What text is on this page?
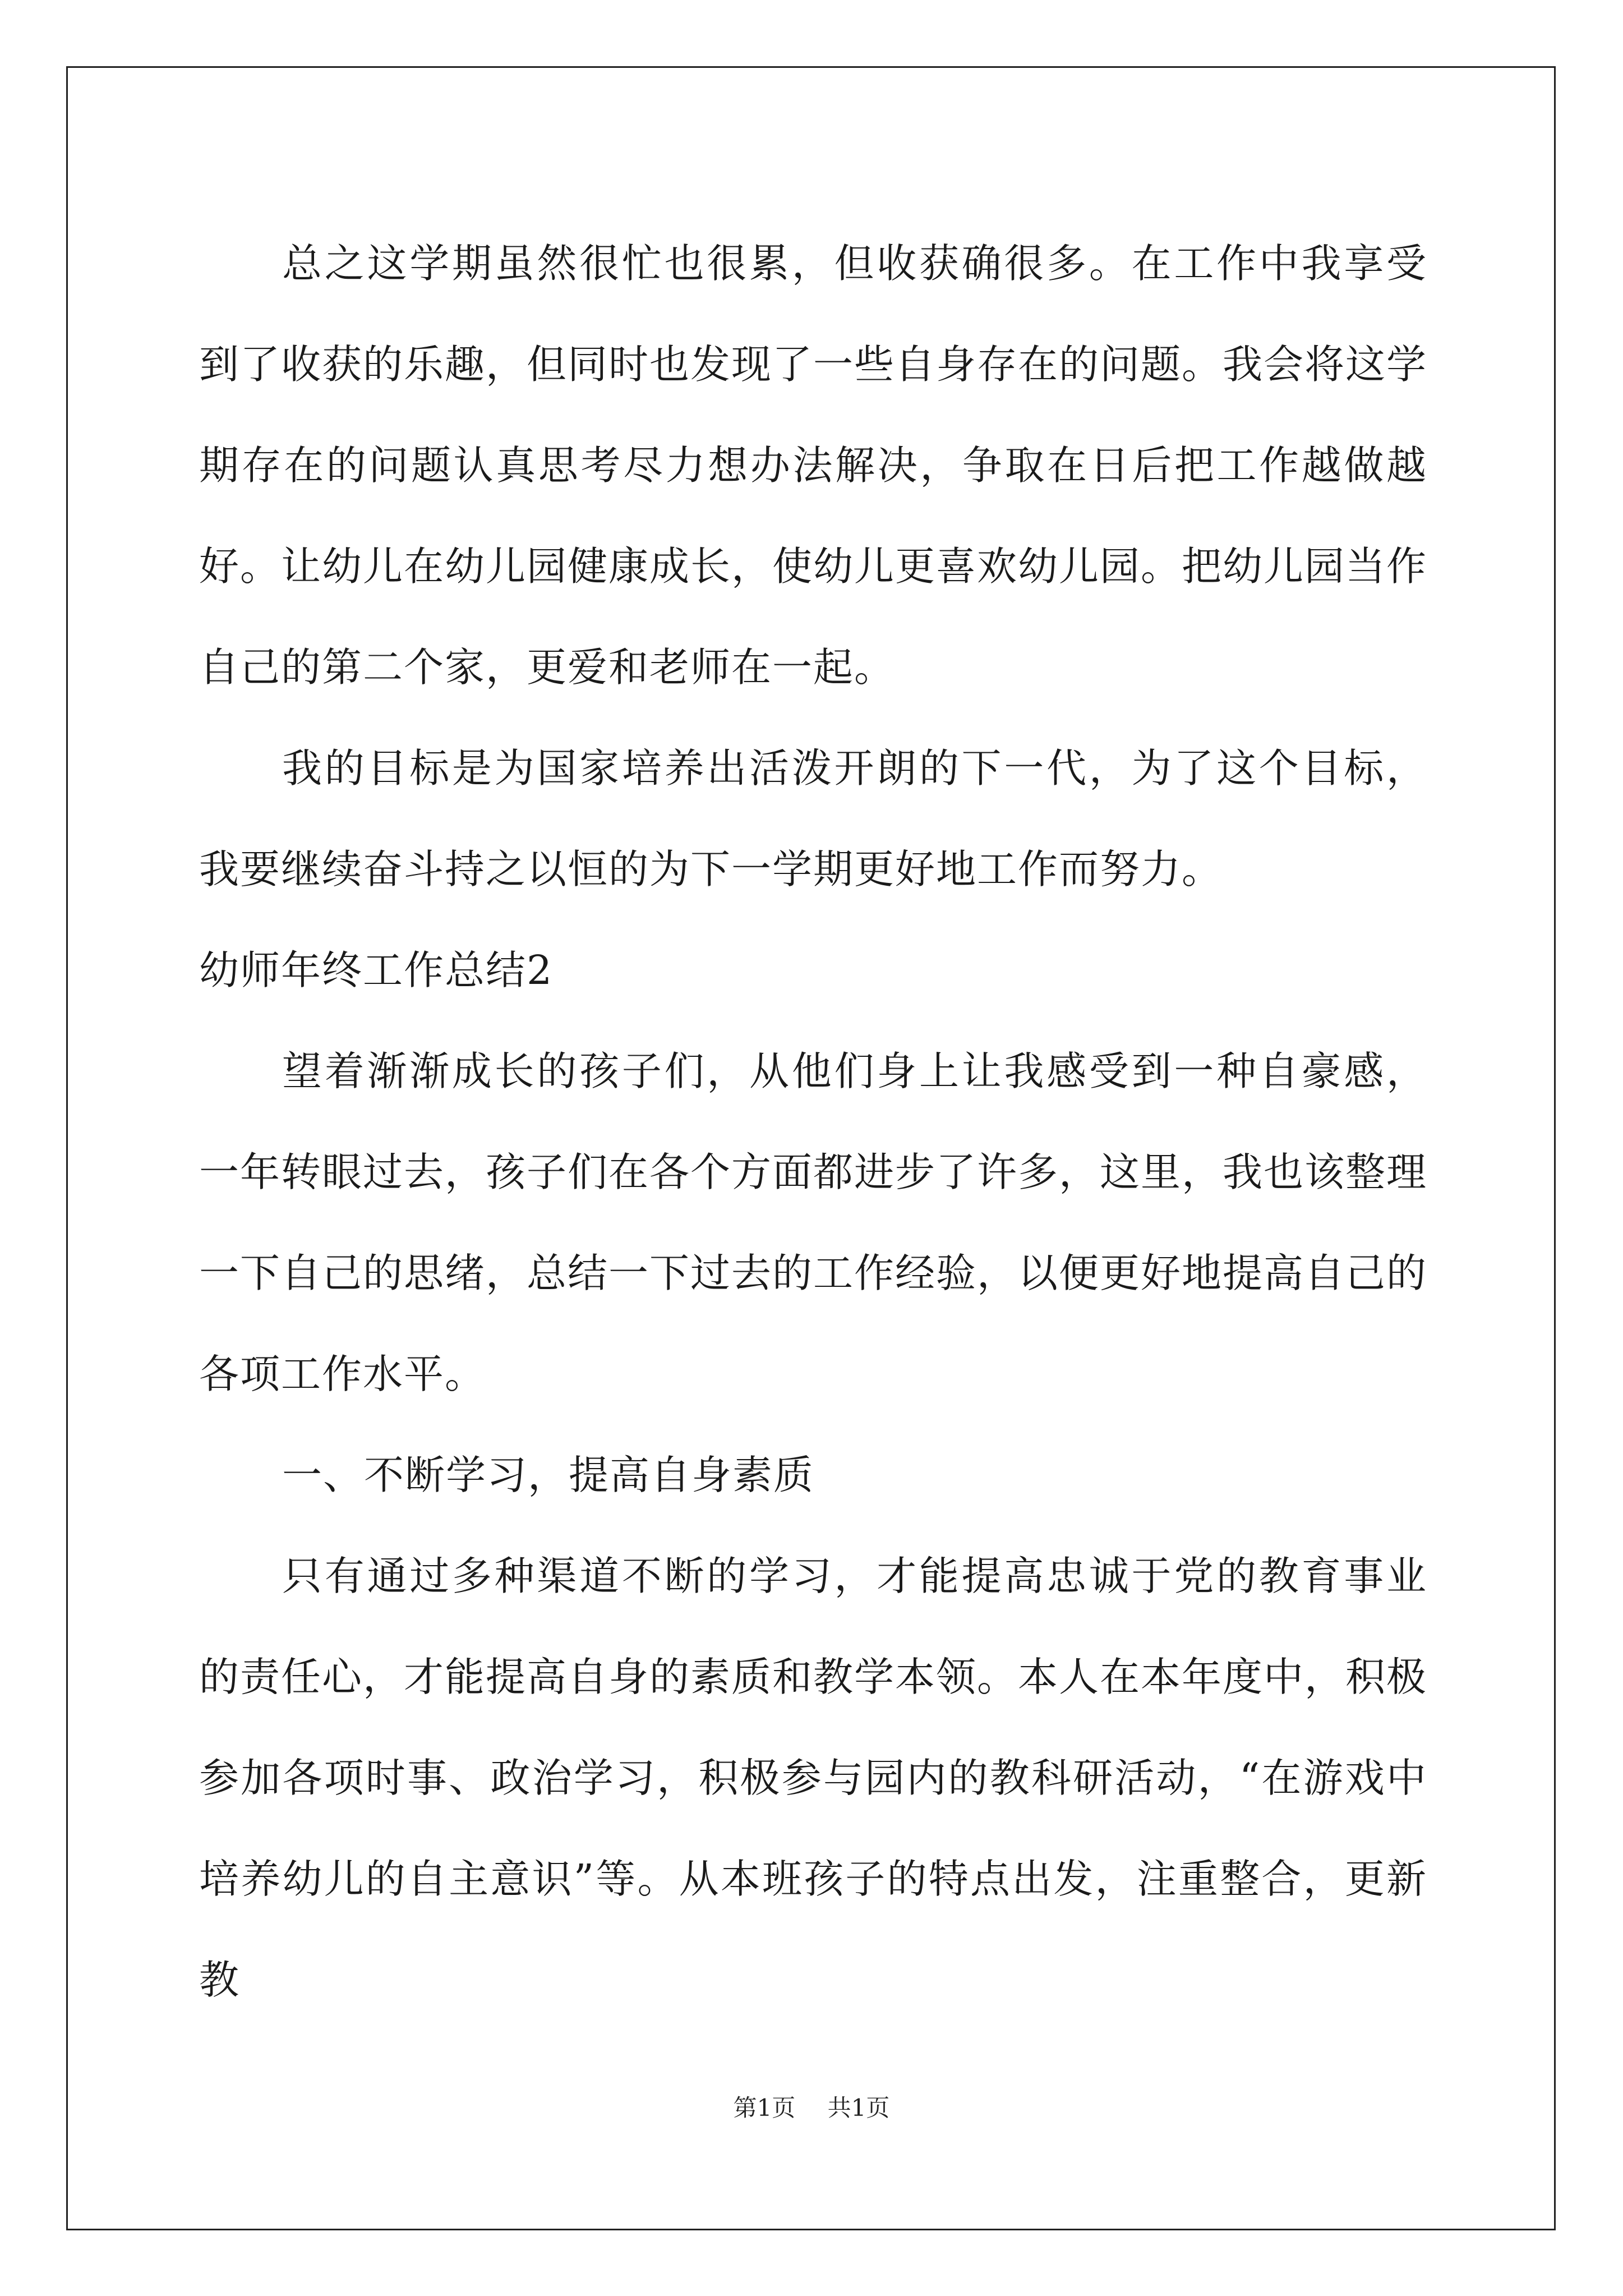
总之这学期虽然很忙也很累，但收获确很多。在工作中我享受到了收获的乐趣，但同时也发现了一些自身存在的问题。我会将这学期存在的问题认真思考尽力想办法解决，争取在日后把工作越做越好。让幼儿在幼儿园健康成长，使幼儿更喜欢幼儿园。把幼儿园当作自己的第二个家，更爱和老师在一起。

我的目标是为国家培养出活泼开朗的下一代，为了这个目标，我要继续奋斗持之以恒的为下一学期更好地工作而努力。

幼师年终工作总结2

望着渐渐成长的孩子们，从他们身上让我感受到一种自豪感，一年转眼过去，孩子们在各个方面都进步了许多，这里，我也该整理一下自己的思绪，总结一下过去的工作经验，以便更好地提高自己的各项工作水平。

一、不断学习，提高自身素质

只有通过多种渠道不断的学习，才能提高忠诚于党的教育事业的责任心，才能提高自身的素质和教学本领。本人在本年度中，积极参加各项时事、政治学习，积极参与园内的教科研活动，“在游戏中培养幼儿的自主意识”等。从本班孩子的特点出发，注重整合，更新教

第1页 共1页
